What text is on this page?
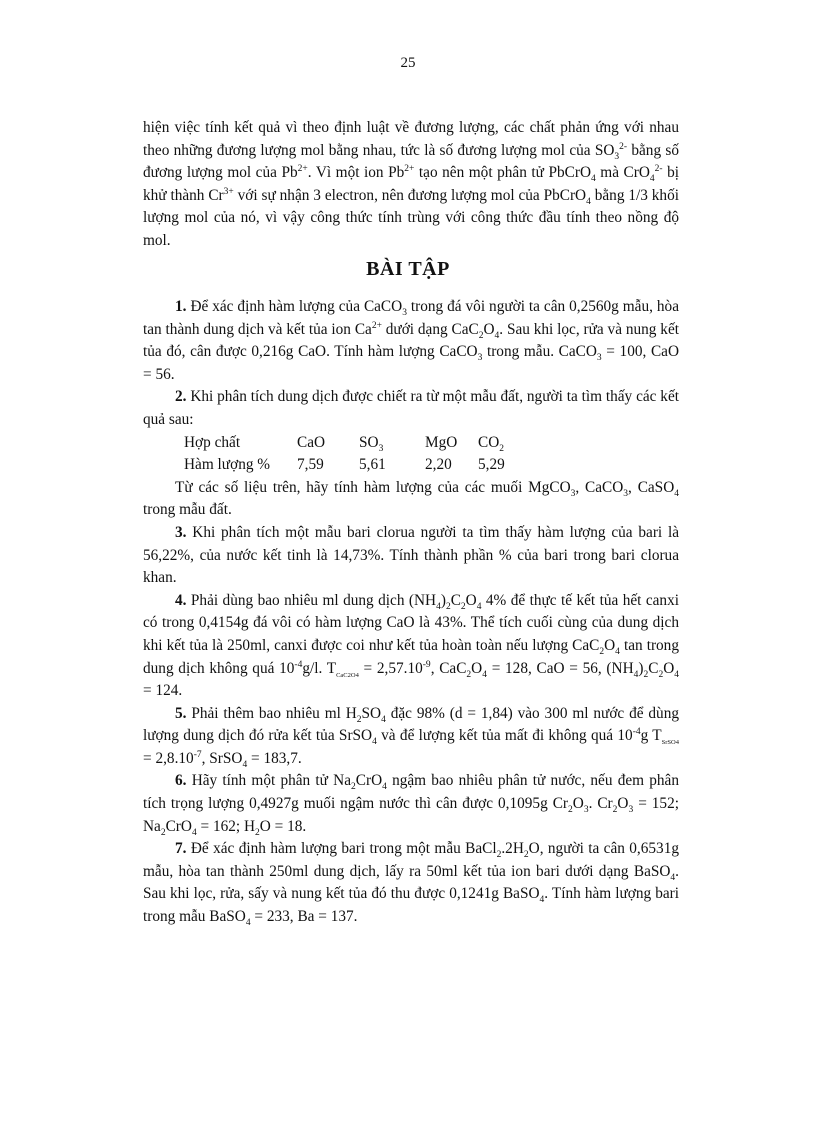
25

hiện việc tính kết quả vì theo định luật về đương lượng, các chất phản ứng với nhau theo những đương lượng mol bằng nhau, tức là số đương lượng mol của $SO_3^{2-}$ bằng số đương lượng mol của $Pb^{2+}$. Vì một ion $Pb^{2+}$ tạo nên một phân tử PbCrO$_4$ mà CrO$_4^{2-}$ bị khử thành $Cr^{3+}$ với sự nhận 3 electron, nên đương lượng mol của PbCrO$_4$ bằng 1/3 khối lượng mol của nó, vì vậy công thức tính trùng với công thức đầu tính theo nồng độ mol.

BÀI TẬP

1. Để xác định hàm lượng của CaCO$_3$ trong đá vôi người ta cân 0,2560g mẫu, hòa tan thành dung dịch và kết tủa ion $Ca^{2+}$ dưới dạng $CaC_2O_4$. Sau khi lọc, rửa và nung kết tủa đó, cân được 0,216g CaO. Tính hàm lượng CaCO$_3$ trong mẫu. CaCO$_3$ = 100, CaO = 56.

2. Khi phân tích dung dịch được chiết ra từ một mẫu đất, người ta tìm thấy các kết quả sau:

Hợp chất	CaO	$SO_3$	MgO	$CO_2$
Hàm lượng %	7,59	5,61	2,20	5,29

Từ các số liệu trên, hãy tính hàm lượng của các muối MgCO$_3$, CaCO$_3$, CaSO$_4$ trong mẫu đất.

3. Khi phân tích một mẫu bari clorua người ta tìm thấy hàm lượng của bari là 56,22%, của nước kết tinh là 14,73%. Tính thành phần % của bari trong bari clorua khan.

4. Phải dùng bao nhiêu ml dung dịch $(NH_4)_2C_2O_4$ 4% để thực tế kết tủa hết canxi có trong 0,4154g đá vôi có hàm lượng CaO là 43%. Thể tích cuối cùng của dung dịch khi kết tủa là 250ml, canxi được coi như kết tủa hoàn toàn nếu lượng $CaC_2O_4$ tan trong dung dịch không quá $10^{-4}g/l$. $T_{CaC2O4} = 2,57.10^{-9}$, $CaC_2O_4 = 128$, CaO = 56, $(NH_4)_2C_2O_4 = 124$.

5. Phải thêm bao nhiêu ml $H_2SO_4$ đặc 98% (d = 1,84) vào 300 ml nước để dùng lượng dung dịch đó rửa kết tủa SrSO$_4$ và để lượng kết tủa mất đi không quá $10^{-4}g$ $T_{SrSO4} = 2,8.10^{-7}$, SrSO$_4$ = 183,7.

6. Hãy tính một phân tử $Na_2CrO_4$ ngậm bao nhiêu phân tử nước, nếu đem phân tích trọng lượng 0,4927g muối ngậm nước thì cân được 0,1095g $Cr_2O_3$. $Cr_2O_3 = 152$; $Na_2CrO_4 = 162$; $H_2O = 18$.

7. Để xác định hàm lượng bari trong một mẫu $BaCl_2.2H_2O$, người ta cân 0,6531g mẫu, hòa tan thành 250ml dung dịch, lấy ra 50ml kết tủa ion bari dưới dạng BaSO$_4$. Sau khi lọc, rửa, sấy và nung kết tủa đó thu được 0,1241g BaSO$_4$. Tính hàm lượng bari trong mẫu BaSO$_4$ = 233, Ba = 137.
